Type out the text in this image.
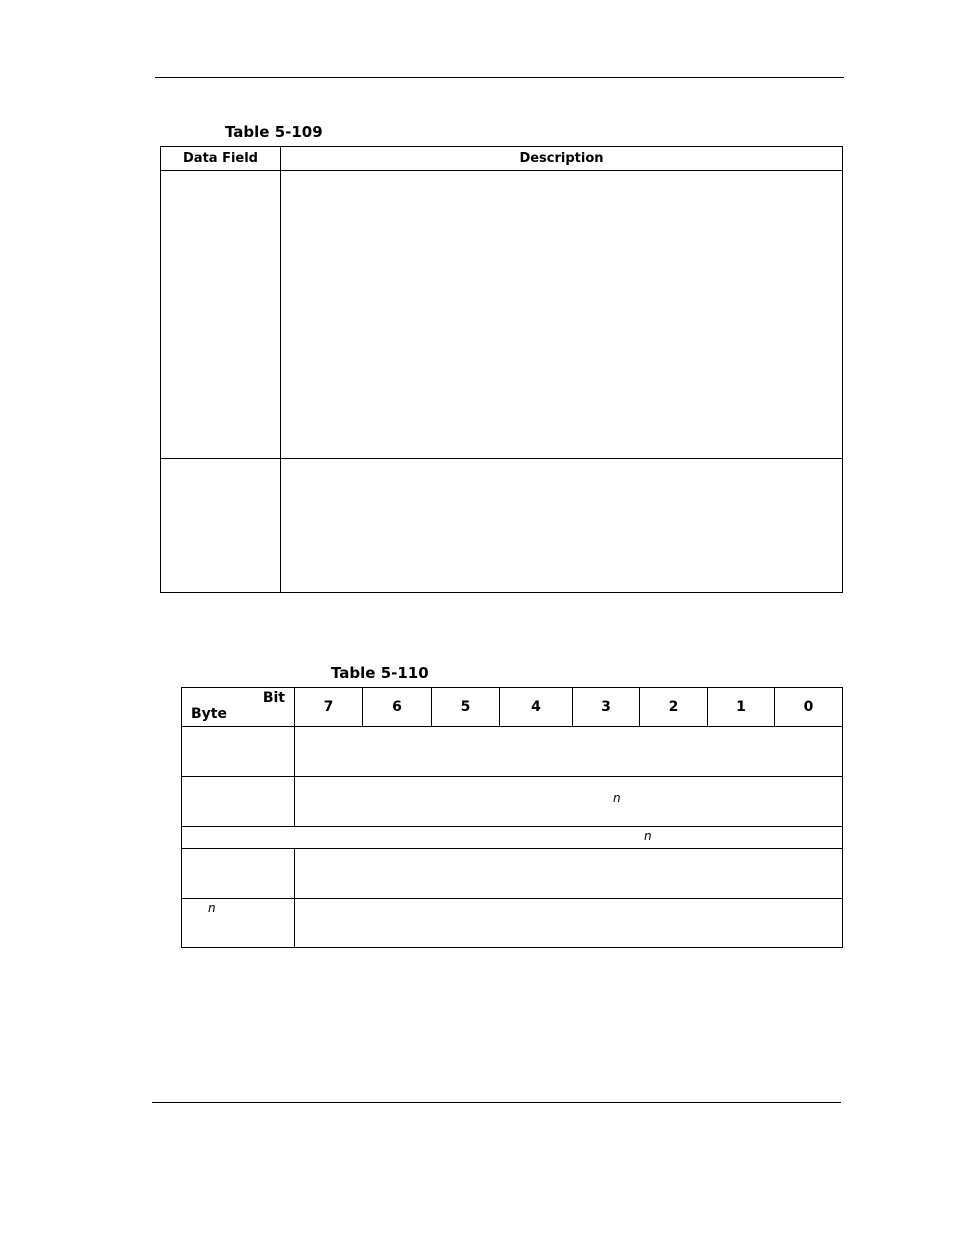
Table 5-109
Data Field	Description

Table 5-110
Bit
Byte	7	6	5	4	3	2	1	0

	n							

n								

n								
